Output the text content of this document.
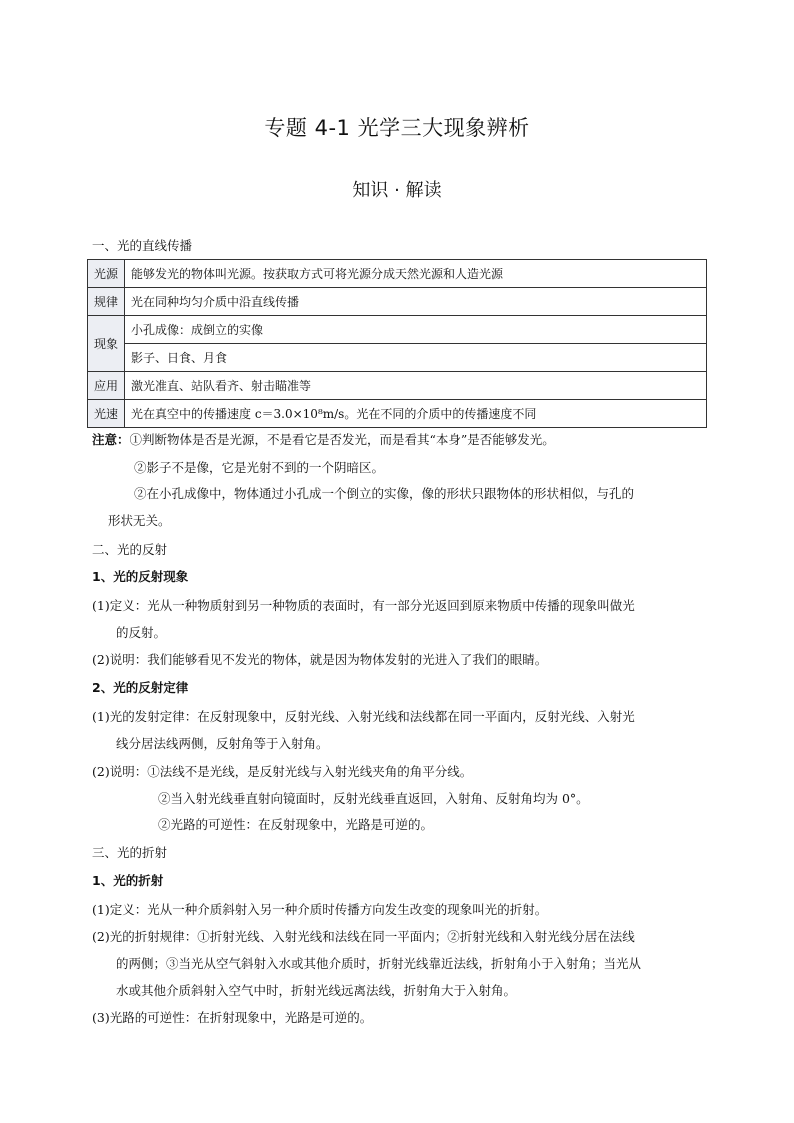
专题 4-1 光学三大现象辨析
知识 · 解读
一、光的直线传播
光源	能够发光的物体叫光源。按获取方式可将光源分成天然光源和人造光源
规律	光在同种均匀介质中沿直线传播
现象	小孔成像：成倒立的实像
	影子、日食、月食
应用	激光准直、站队看齐、射击瞄准等
光速	光在真空中的传播速度 c＝3.0×10⁸m/s。光在不同的介质中的传播速度不同
注意：①判断物体是否是光源，不是看它是否发光，而是看其“本身”是否能够发光。
②影子不是像，它是光射不到的一个阴暗区。
②在小孔成像中，物体通过小孔成一个倒立的实像，像的形状只跟物体的形状相似，与孔的
形状无关。
二、光的反射
1、光的反射现象
(1)定义：光从一种物质射到另一种物质的表面时，有一部分光返回到原来物质中传播的现象叫做光
的反射。
(2)说明：我们能够看见不发光的物体，就是因为物体发射的光进入了我们的眼睛。
2、光的反射定律
(1)光的发射定律：在反射现象中，反射光线、入射光线和法线都在同一平面内，反射光线、入射光
线分居法线两侧，反射角等于入射角。
(2)说明：①法线不是光线，是反射光线与入射光线夹角的角平分线。
②当入射光线垂直射向镜面时，反射光线垂直返回，入射角、反射角均为 0°。
②光路的可逆性：在反射现象中，光路是可逆的。
三、光的折射
1、光的折射
(1)定义：光从一种介质斜射入另一种介质时传播方向发生改变的现象叫光的折射。
(2)光的折射规律：①折射光线、入射光线和法线在同一平面内；②折射光线和入射光线分居在法线
的两侧；③当光从空气斜射入水或其他介质时，折射光线靠近法线，折射角小于入射角；当光从
水或其他介质斜射入空气中时，折射光线远离法线，折射角大于入射角。
(3)光路的可逆性：在折射现象中，光路是可逆的。
